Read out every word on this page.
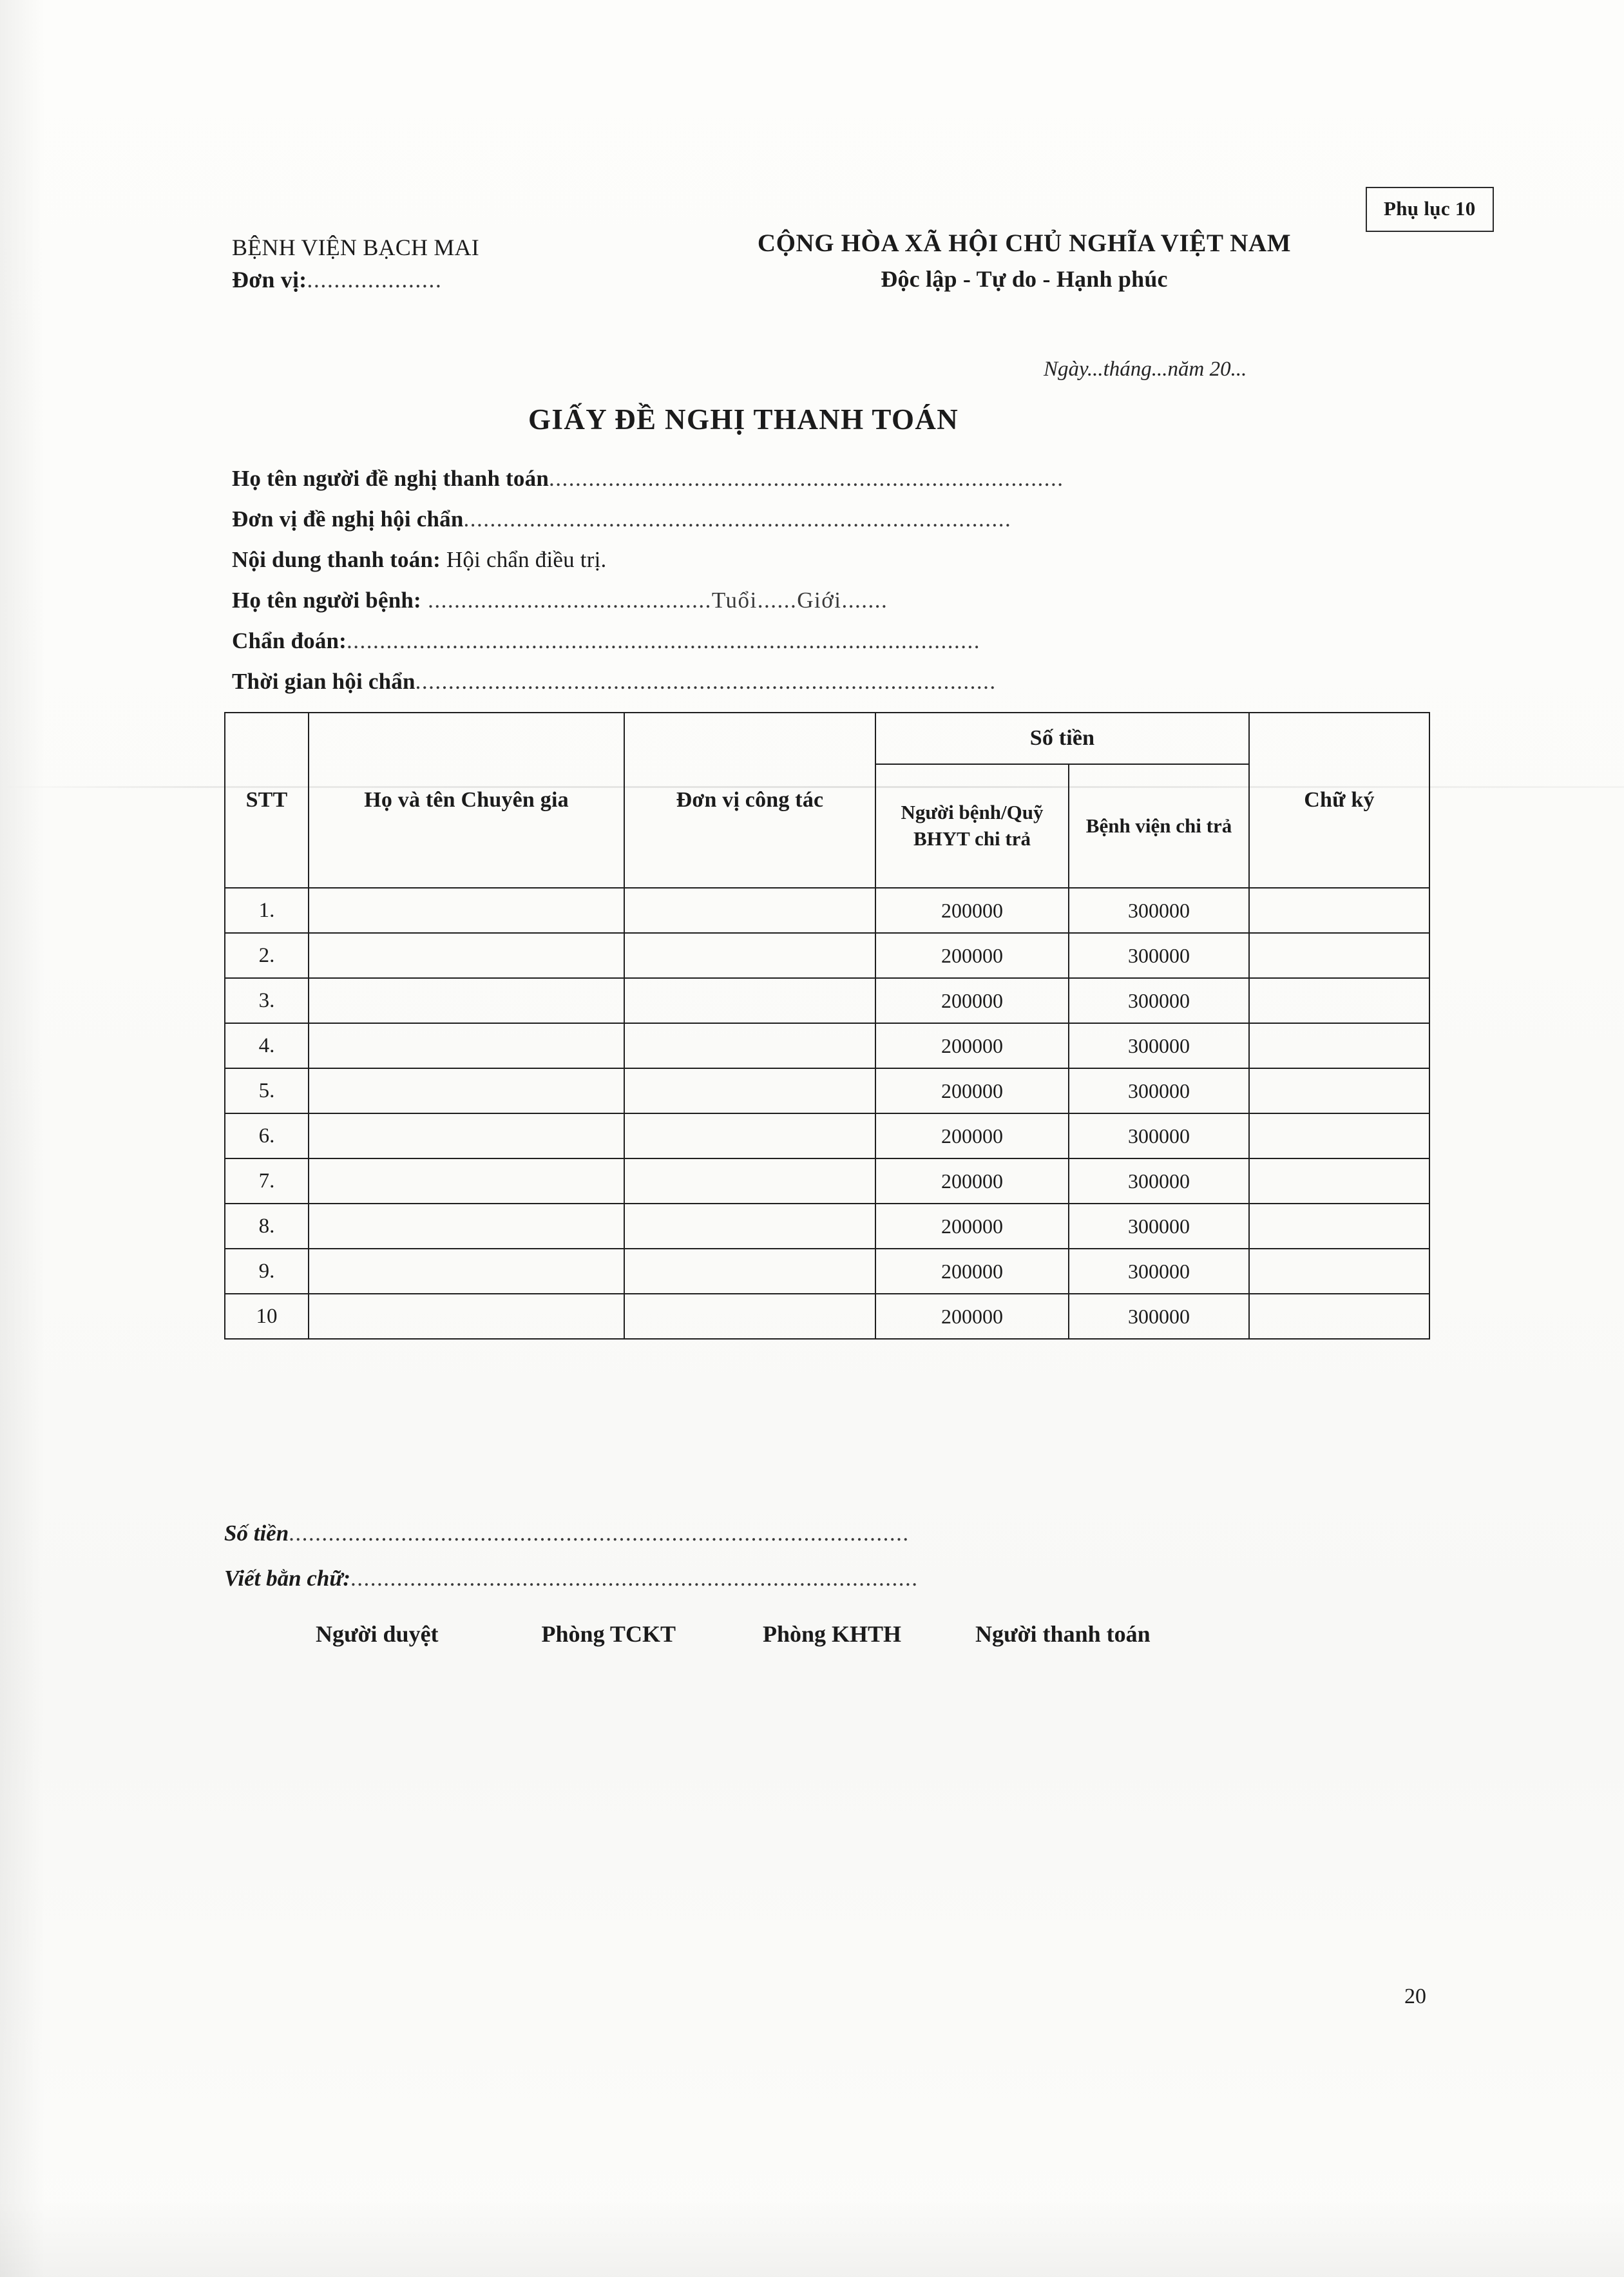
Phụ lục 10
BỆNH VIỆN BẠCH MAI
Đơn vị:....................
CỘNG HÒA XÃ HỘI CHỦ NGHĨA VIỆT NAM
Độc lập - Tự do - Hạnh phúc
Ngày...tháng...năm 20...
GIẤY ĐỀ NGHỊ THANH TOÁN
Họ tên người đề nghị thanh toán..............................................................................
Đơn vị đề nghị hội chẩn...................................................................................
Nội dung thanh toán: Hội chẩn điều trị.
Họ tên người bệnh: ...........................................Tuổi......Giới.......
Chẩn đoán:................................................................................................
Thời gian hội chẩn........................................................................................
STT	Họ và tên Chuyên gia	Đơn vị công tác	Số tiền		Chữ ký
			Người bệnh/Quỹ BHYT chi trả	Bệnh viện chi trả	
1.			200000	300000	
2.			200000	300000	
3.			200000	300000	
4.			200000	300000	
5.			200000	300000	
6.			200000	300000	
7.			200000	300000	
8.			200000	300000	
9.			200000	300000	
10			200000	300000	
Số tiền..............................................................................................
Viết bằn chữ:......................................................................................
Người duyệt	Phòng TCKT	Phòng KHTH	Người thanh toán
20
